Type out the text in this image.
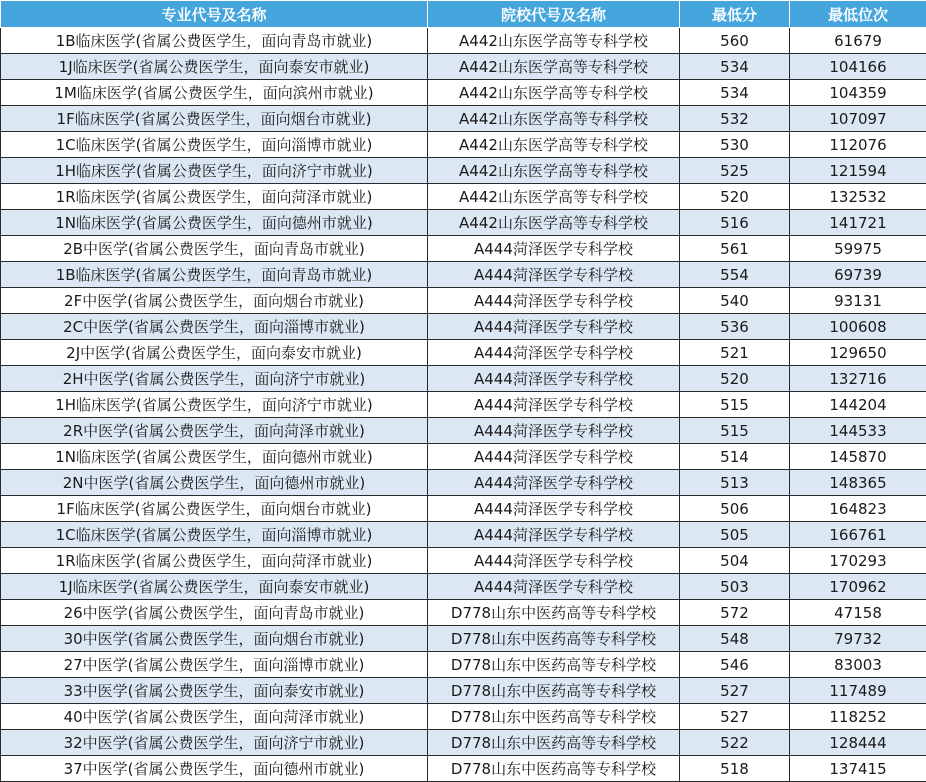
专业代号及名称	院校代号及名称	最低分	最低位次
1B临床医学(省属公费医学生，面向青岛市就业)	A442山东医学高等专科学校	560	61679
1J临床医学(省属公费医学生，面向泰安市就业)	A442山东医学高等专科学校	534	104166
1M临床医学(省属公费医学生，面向滨州市就业)	A442山东医学高等专科学校	534	104359
1F临床医学(省属公费医学生，面向烟台市就业)	A442山东医学高等专科学校	532	107097
1C临床医学(省属公费医学生，面向淄博市就业)	A442山东医学高等专科学校	530	112076
1H临床医学(省属公费医学生，面向济宁市就业)	A442山东医学高等专科学校	525	121594
1R临床医学(省属公费医学生，面向菏泽市就业)	A442山东医学高等专科学校	520	132532
1N临床医学(省属公费医学生，面向德州市就业)	A442山东医学高等专科学校	516	141721
2B中医学(省属公费医学生，面向青岛市就业)	A444菏泽医学专科学校	561	59975
1B临床医学(省属公费医学生，面向青岛市就业)	A444菏泽医学专科学校	554	69739
2F中医学(省属公费医学生，面向烟台市就业)	A444菏泽医学专科学校	540	93131
2C中医学(省属公费医学生，面向淄博市就业)	A444菏泽医学专科学校	536	100608
2J中医学(省属公费医学生，面向泰安市就业)	A444菏泽医学专科学校	521	129650
2H中医学(省属公费医学生，面向济宁市就业)	A444菏泽医学专科学校	520	132716
1H临床医学(省属公费医学生，面向济宁市就业)	A444菏泽医学专科学校	515	144204
2R中医学(省属公费医学生，面向菏泽市就业)	A444菏泽医学专科学校	515	144533
1N临床医学(省属公费医学生，面向德州市就业)	A444菏泽医学专科学校	514	145870
2N中医学(省属公费医学生，面向德州市就业)	A444菏泽医学专科学校	513	148365
1F临床医学(省属公费医学生，面向烟台市就业)	A444菏泽医学专科学校	506	164823
1C临床医学(省属公费医学生，面向淄博市就业)	A444菏泽医学专科学校	505	166761
1R临床医学(省属公费医学生，面向菏泽市就业)	A444菏泽医学专科学校	504	170293
1J临床医学(省属公费医学生，面向泰安市就业)	A444菏泽医学专科学校	503	170962
26中医学(省属公费医学生，面向青岛市就业)	D778山东中医药高等专科学校	572	47158
30中医学(省属公费医学生，面向烟台市就业)	D778山东中医药高等专科学校	548	79732
27中医学(省属公费医学生，面向淄博市就业)	D778山东中医药高等专科学校	546	83003
33中医学(省属公费医学生，面向泰安市就业)	D778山东中医药高等专科学校	527	117489
40中医学(省属公费医学生，面向菏泽市就业)	D778山东中医药高等专科学校	527	118252
32中医学(省属公费医学生，面向济宁市就业)	D778山东中医药高等专科学校	522	128444
37中医学(省属公费医学生，面向德州市就业)	D778山东中医药高等专科学校	518	137415
